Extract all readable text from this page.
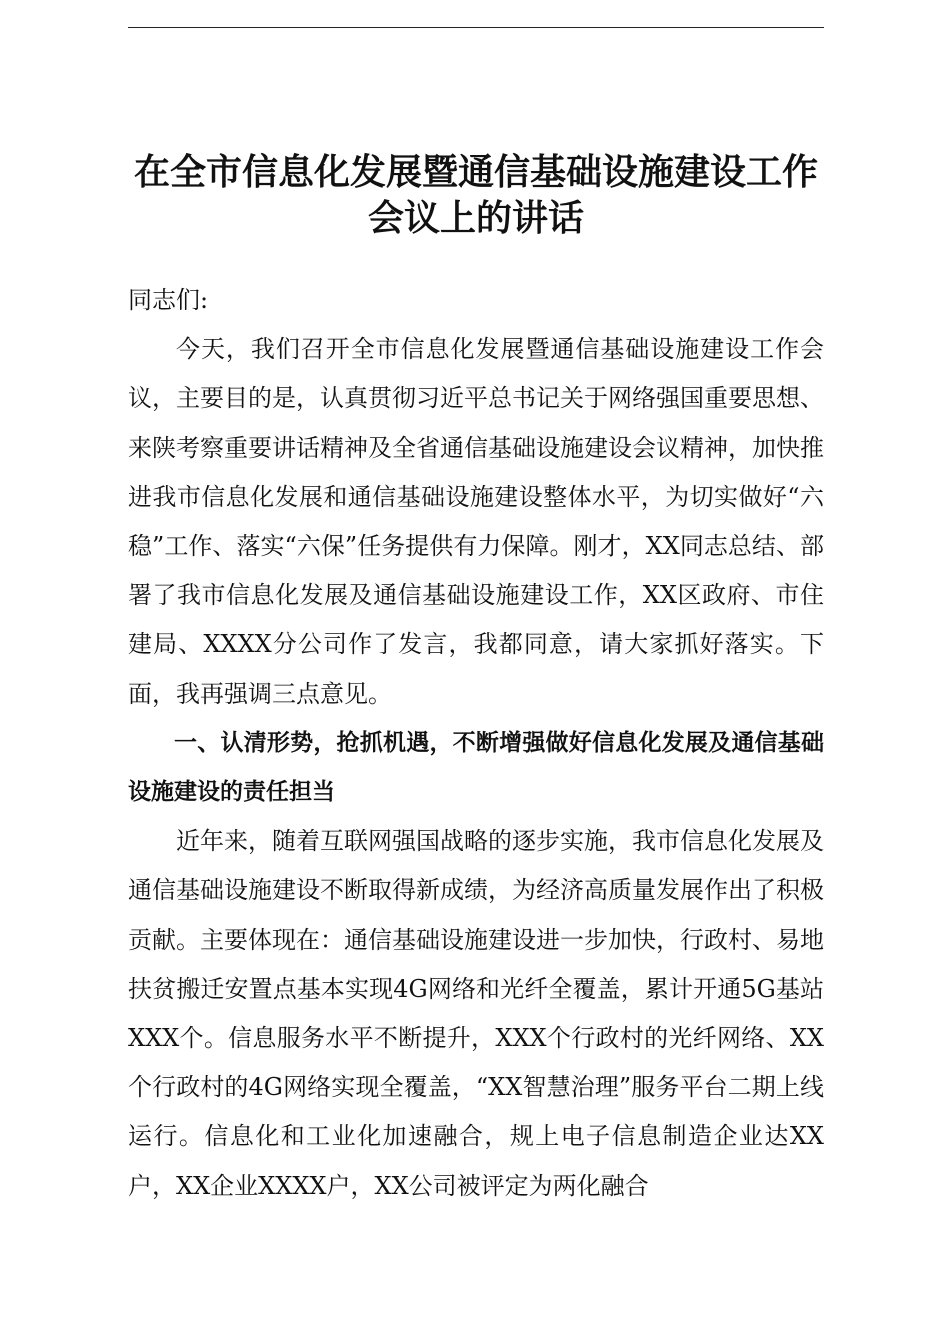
在全市信息化发展暨通信基础设施建设工作
会议上的讲话

同志们:

今天，我们召开全市信息化发展暨通信基础设施建设工作会议，主要目的是，认真贯彻习近平总书记关于网络强国重要思想、来陕考察重要讲话精神及全省通信基础设施建设会议精神，加快推进我市信息化发展和通信基础设施建设整体水平，为切实做好“六稳”工作、落实“六保”任务提供有力保障。刚才，XX同志总结、部署了我市信息化发展及通信基础设施建设工作，XX区政府、市住建局、XXXX分公司作了发言，我都同意，请大家抓好落实。下面，我再强调三点意见。

一、认清形势，抢抓机遇，不断增强做好信息化发展及通信基础设施建设的责任担当

近年来，随着互联网强国战略的逐步实施，我市信息化发展及通信基础设施建设不断取得新成绩，为经济高质量发展作出了积极贡献。主要体现在：通信基础设施建设进一步加快，行政村、易地扶贫搬迁安置点基本实现4G网络和光纤全覆盖，累计开通5G基站XXX个。信息服务水平不断提升，XXX个行政村的光纤网络、XX个行政村的4G网络实现全覆盖，“XX智慧治理”服务平台二期上线运行。信息化和工业化加速融合，规上电子信息制造企业达XX户，XX企业XXXX户，XX公司被评定为两化融合
